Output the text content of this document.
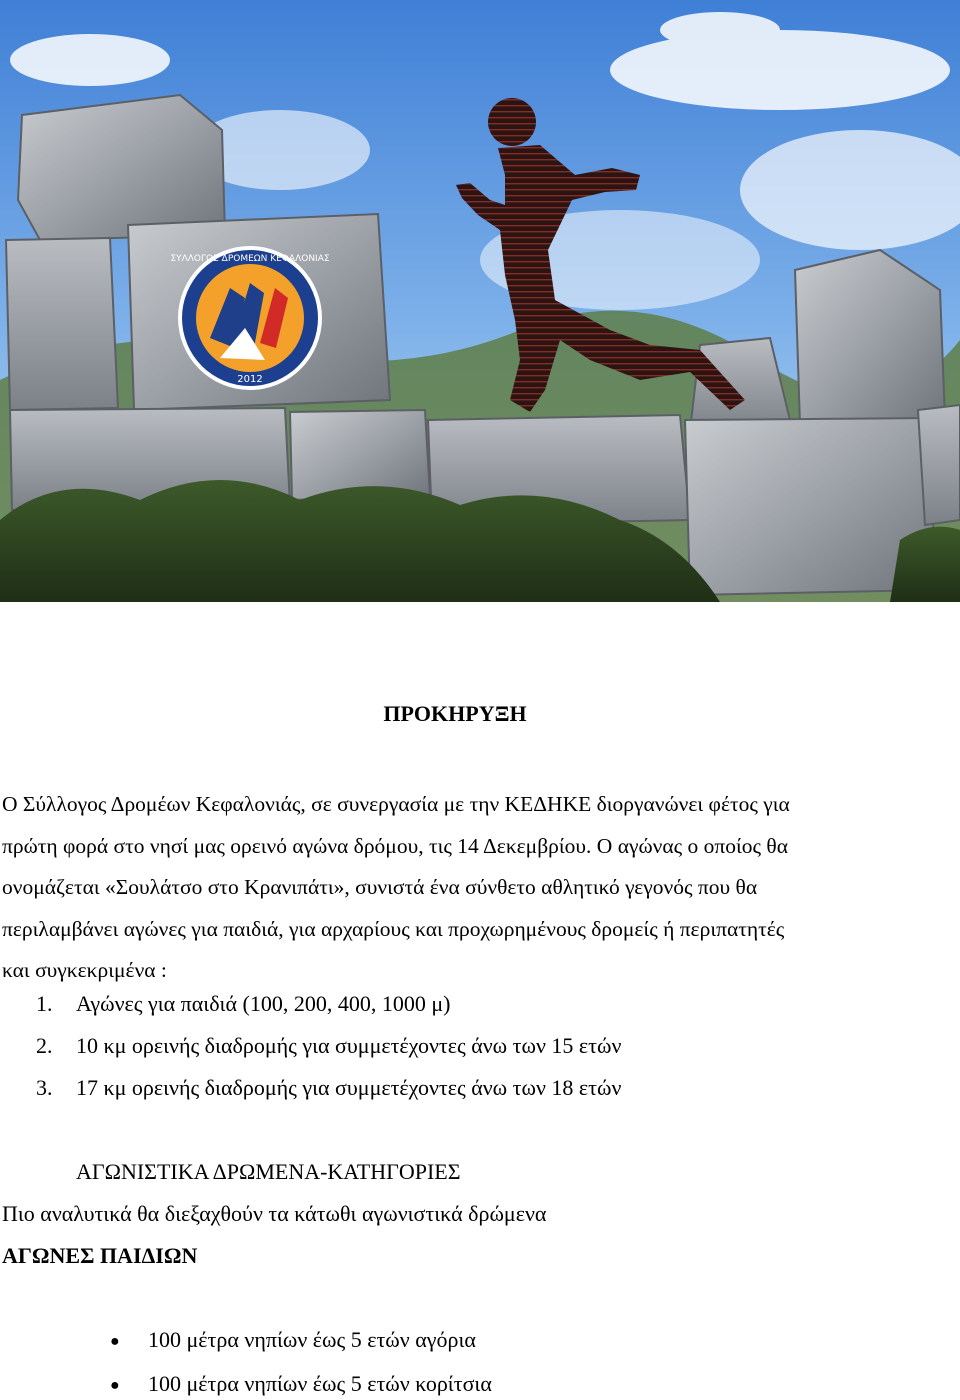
ΣΥΛΛΟΓΟΣ ΔΡΟΜΕΩΝ ΚΕΦΑΛΟΝΙΑΣ
2012
ΠΡΟΚΗΡΥΞΗ
Ο Σύλλογος Δρομέων Κεφαλονιάς, σε συνεργασία με την ΚΕΔΗΚΕ διοργανώνει φέτος για
πρώτη φορά στο νησί μας ορεινό αγώνα δρόμου, τις 14 Δεκεμβρίου. Ο αγώνας ο οποίος θα
ονομάζεται «Σουλάτσο στο Κρανιπάτι», συνιστά ένα σύνθετο αθλητικό γεγονός που θα
περιλαμβάνει αγώνες για παιδιά, για αρχαρίους και προχωρημένους δρομείς ή περιπατητές
και συγκεκριμένα :
1. Αγώνες για παιδιά (100, 200, 400, 1000 μ)
2. 10 κμ ορεινής διαδρομής για συμμετέχοντες άνω των 15 ετών
3. 17 κμ ορεινής διαδρομής για συμμετέχοντες άνω των 18 ετών
ΑΓΩΝΙΣΤΙΚΑ ΔΡΩΜΕΝΑ-ΚΑΤΗΓΟΡΙΕΣ
Πιο αναλυτικά θα διεξαχθούν τα κάτωθι αγωνιστικά δρώμενα
ΑΓΩΝΕΣ ΠΑΙΔΙΩΝ
● 100 μέτρα νηπίων έως 5 ετών αγόρια
● 100 μέτρα νηπίων έως 5 ετών κορίτσια
